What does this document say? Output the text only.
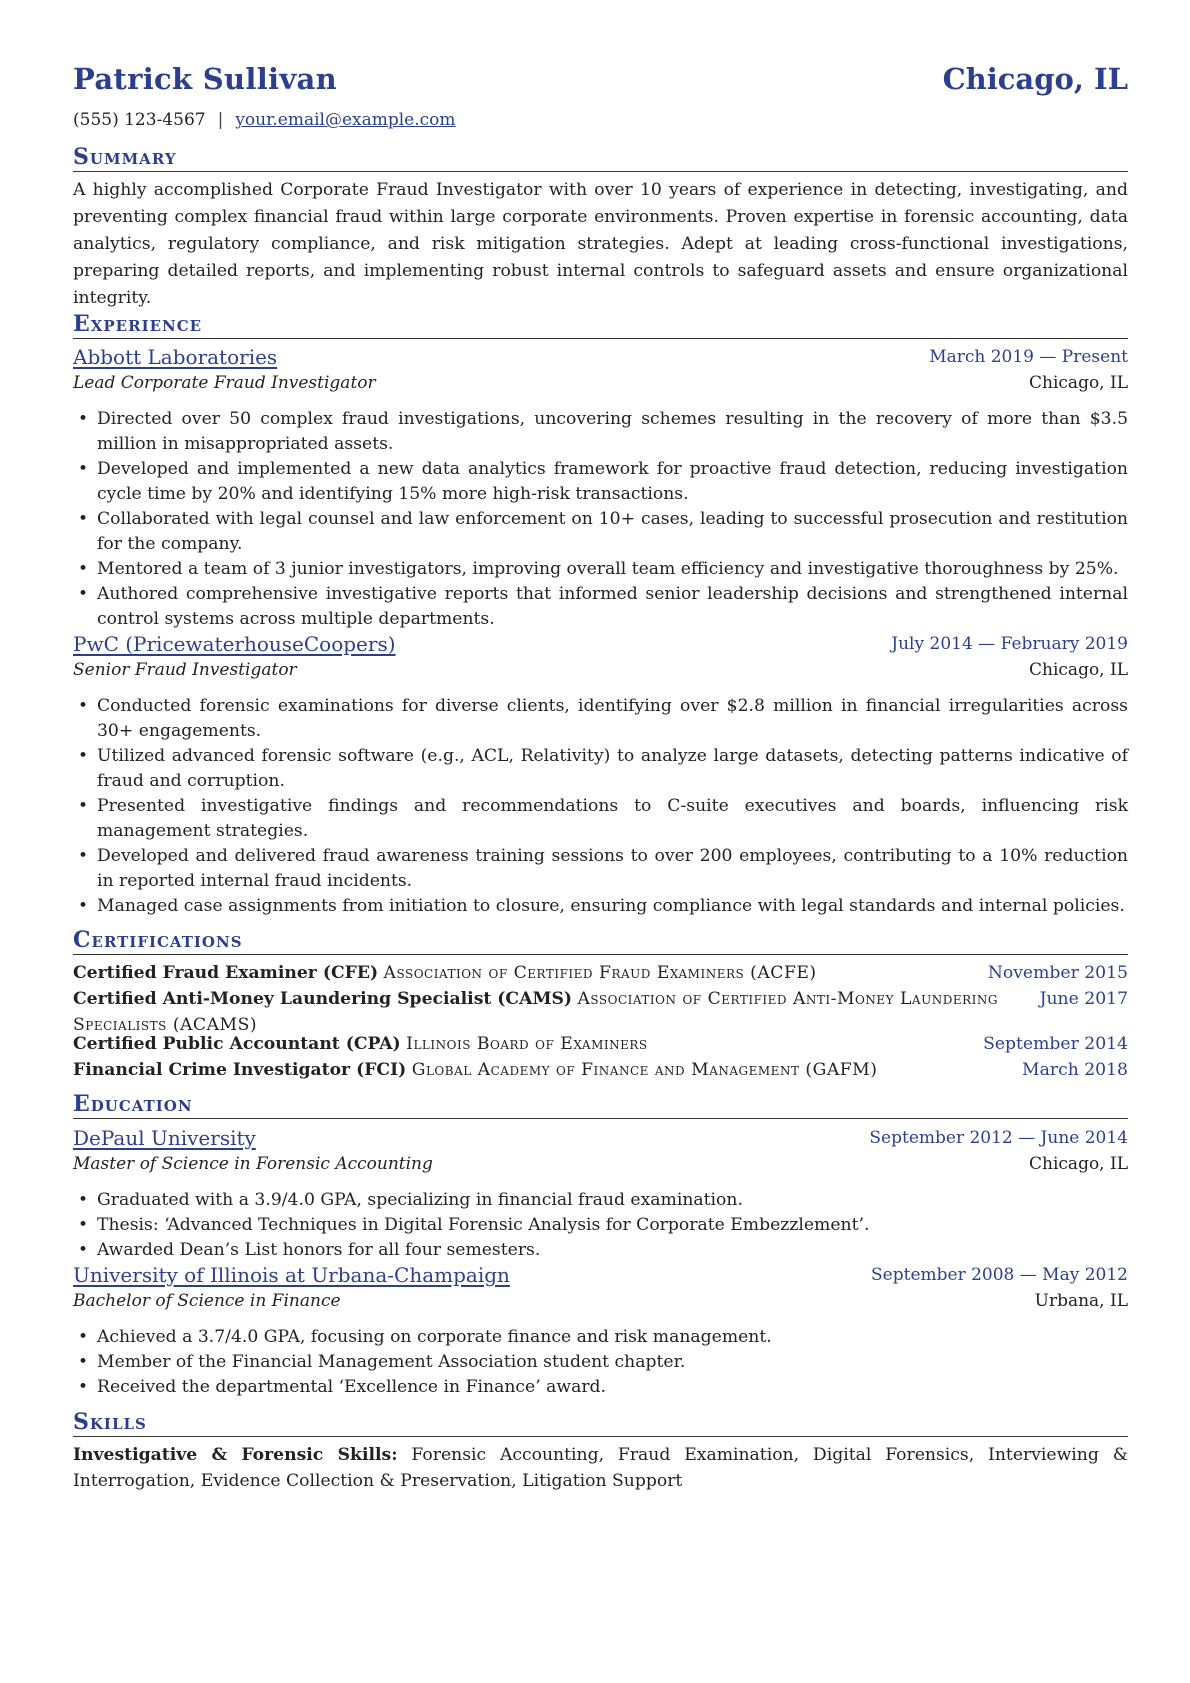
Patrick Sullivan	Chicago, IL
(555) 123-4567 | your.email@example.com
Summary
A highly accomplished Corporate Fraud Investigator with over 10 years of experience in detecting, investigating, and preventing complex financial fraud within large corporate environments. Proven expertise in forensic accounting, data analytics, regulatory compliance, and risk mitigation strategies. Adept at leading cross-functional investigations, preparing detailed reports, and implementing robust internal controls to safeguard assets and ensure organizational integrity.
Experience
Abbott Laboratories	March 2019 — Present
Lead Corporate Fraud Investigator	Chicago, IL
• Directed over 50 complex fraud investigations, uncovering schemes resulting in the recovery of more than $3.5 million in misappropriated assets.
• Developed and implemented a new data analytics framework for proactive fraud detection, reducing investigation cycle time by 20% and identifying 15% more high-risk transactions.
• Collaborated with legal counsel and law enforcement on 10+ cases, leading to successful prosecution and restitution for the company.
• Mentored a team of 3 junior investigators, improving overall team efficiency and investigative thoroughness by 25%.
• Authored comprehensive investigative reports that informed senior leadership decisions and strengthened internal control systems across multiple departments.
PwC (PricewaterhouseCoopers)	July 2014 — February 2019
Senior Fraud Investigator	Chicago, IL
• Conducted forensic examinations for diverse clients, identifying over $2.8 million in financial irregularities across 30+ engagements.
• Utilized advanced forensic software (e.g., ACL, Relativity) to analyze large datasets, detecting patterns indicative of fraud and corruption.
• Presented investigative findings and recommendations to C-suite executives and boards, influencing risk management strategies.
• Developed and delivered fraud awareness training sessions to over 200 employees, contributing to a 10% reduction in reported internal fraud incidents.
• Managed case assignments from initiation to closure, ensuring compliance with legal standards and internal policies.
Certifications
Certified Fraud Examiner (CFE) Association of Certified Fraud Examiners (ACFE)	November 2015
Certified Anti-Money Laundering Specialist (CAMS) Association of Certified Anti-Money Laundering Specialists (ACAMS)
June 2017
Certified Public Accountant (CPA) Illinois Board of Examiners	September 2014
Financial Crime Investigator (FCI) Global Academy of Finance and Management (GAFM)	March 2018
Education
DePaul University	September 2012 — June 2014
Master of Science in Forensic Accounting	Chicago, IL
• Graduated with a 3.9/4.0 GPA, specializing in financial fraud examination.
• Thesis: ‘Advanced Techniques in Digital Forensic Analysis for Corporate Embezzlement’.
• Awarded Dean’s List honors for all four semesters.
University of Illinois at Urbana-Champaign	September 2008 — May 2012
Bachelor of Science in Finance	Urbana, IL
• Achieved a 3.7/4.0 GPA, focusing on corporate finance and risk management.
• Member of the Financial Management Association student chapter.
• Received the departmental ‘Excellence in Finance’ award.
Skills
Investigative & Forensic Skills: Forensic Accounting, Fraud Examination, Digital Forensics, Interviewing & Interrogation, Evidence Collection & Preservation, Litigation Support
